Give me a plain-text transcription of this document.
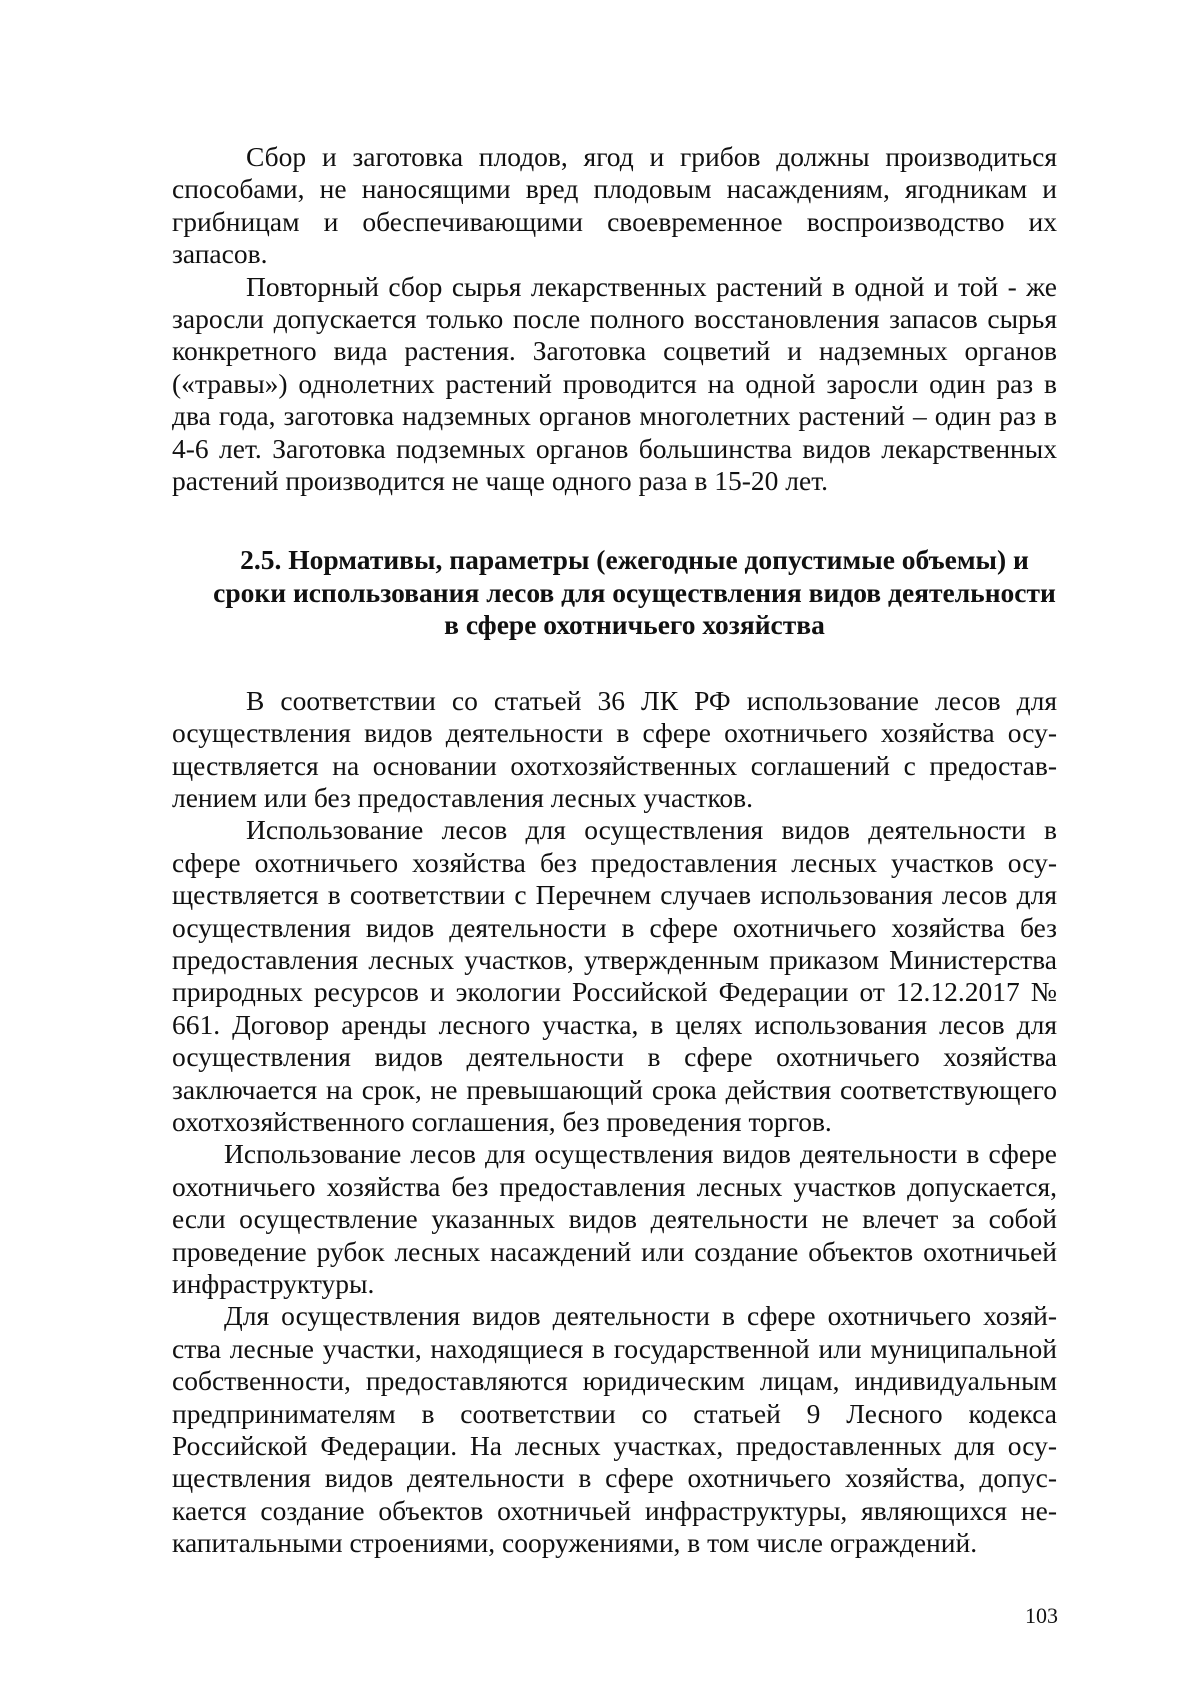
Сбор и заготовка плодов, ягод и грибов должны производиться способами, не наносящими вред плодовым насаждениям, ягодникам и грибницам и обеспечивающими своевременное воспроизводство их запасов.

Повторный сбор сырья лекарственных растений в одной и той - же заросли допускается только после полного восстановления запасов сырья конкретного вида растения. Заготовка соцветий и надземных органов («травы») однолетних растений проводится на одной заросли один раз в два года, заготовка надземных органов многолетних растений – один раз в 4-6 лет. Заготовка подземных органов большинства видов лекарственных растений производится не чаще одного раза в 15-20 лет.

2.5. Нормативы, параметры (ежегодные допустимые объемы) и сроки использования лесов для осуществления видов деятельности в сфере охотничьего хозяйства

В соответствии со статьей 36 ЛК РФ использование лесов для осуществления видов деятельности в сфере охотничьего хозяйства осуществляется на основании охотхозяйственных соглашений с предоставлением или без предоставления лесных участков.

Использование лесов для осуществления видов деятельности в сфере охотничьего хозяйства без предоставления лесных участков осуществляется в соответствии с Перечнем случаев использования лесов для осуществления видов деятельности в сфере охотничьего хозяйства без предоставления лесных участков, утвержденным приказом Министерства природных ресурсов и экологии Российской Федерации от 12.12.2017 № 661. Договор аренды лесного участка, в целях использования лесов для осуществления видов деятельности в сфере охотничьего хозяйства заключается на срок, не превышающий срока действия соответствующего охотхозяйственного соглашения, без проведения торгов.

Использование лесов для осуществления видов деятельности в сфере охотничьего хозяйства без предоставления лесных участков допускается, если осуществление указанных видов деятельности не влечет за собой проведение рубок лесных насаждений или создание объектов охотничьей инфраструктуры.

Для осуществления видов деятельности в сфере охотничьего хозяйства лесные участки, находящиеся в государственной или муниципальной собственности, предоставляются юридическим лицам, индивидуальным предпринимателям в соответствии со статьей 9 Лесного кодекса Российской Федерации. На лесных участках, предоставленных для осуществления видов деятельности в сфере охотничьего хозяйства, допускается создание объектов охотничьей инфраструктуры, являющихся некапитальными строениями, сооружениями, в том числе ограждений.

103
